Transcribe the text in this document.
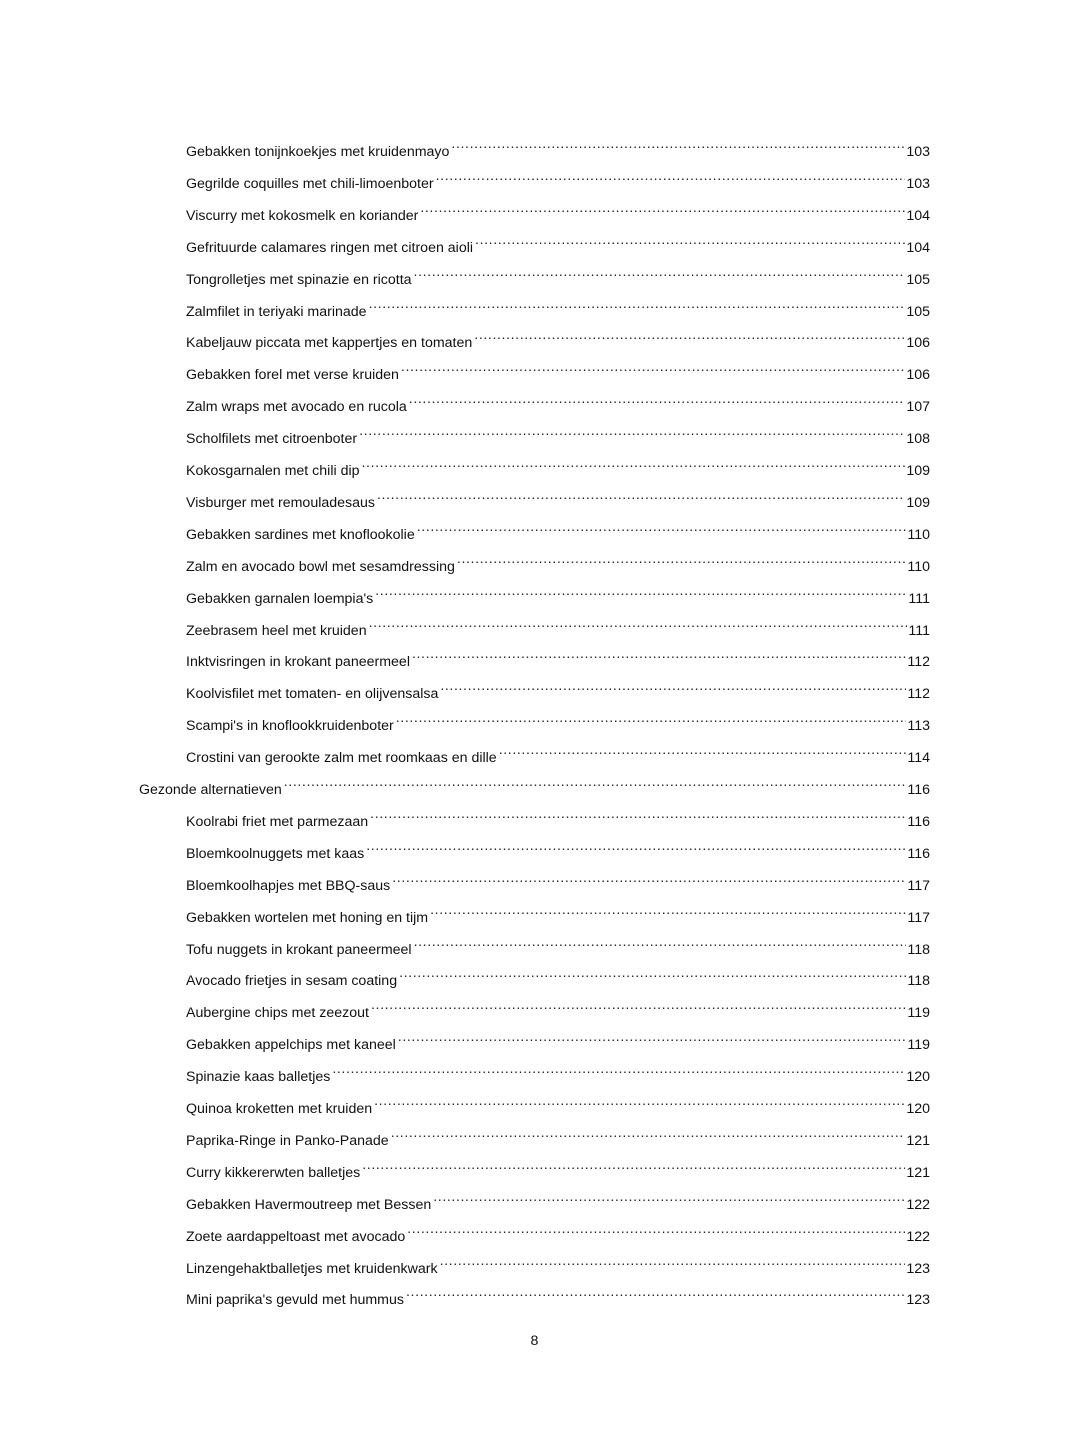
Gebakken tonijnkoekjes met kruidenmayo .....	103
Gegrilde coquilles met chili-limoenboter .....	103
Viscurry met kokosmelk en koriander .....	104
Gefrituurde calamares ringen met citroen aioli .....	104
Tongrolletjes met spinazie en ricotta .....	105
Zalmfilet in teriyaki marinade .....	105
Kabeljauw piccata met kappertjes en tomaten .....	106
Gebakken forel met verse kruiden .....	106
Zalm wraps met avocado en rucola .....	107
Scholfilets met citroenboter .....	108
Kokosgarnalen met chili dip .....	109
Visburger met remouladesaus .....	109
Gebakken sardines met knoflookolie .....	110
Zalm en avocado bowl met sesamdressing .....	110
Gebakken garnalen loempia's .....	111
Zeebrasem heel met kruiden .....	111
Inktvisringen in krokant paneermeel .....	112
Koolvisfilet met tomaten- en olijvensalsa .....	112
Scampi's in knoflookkruidenboter .....	113
Crostini van gerookte zalm met roomkaas en dille .....	114
Gezonde alternatieven .....	116
Koolrabi friet met parmezaan .....	116
Bloemkoolnuggets met kaas .....	116
Bloemkoolhapjes met BBQ-saus .....	117
Gebakken wortelen met honing en tijm .....	117
Tofu nuggets in krokant paneermeel .....	118
Avocado frietjes in sesam coating .....	118
Aubergine chips met zeezout .....	119
Gebakken appelchips met kaneel .....	119
Spinazie kaas balletjes .....	120
Quinoa kroketten met kruiden .....	120
Paprika-Ringe in Panko-Panade .....	121
Curry kikkererwten balletjes .....	121
Gebakken Havermoutreep met Bessen .....	122
Zoete aardappeltoast met avocado .....	122
Linzengehaktballetjes met kruidenkwark .....	123
Mini paprika's gevuld met hummus .....	123
8
